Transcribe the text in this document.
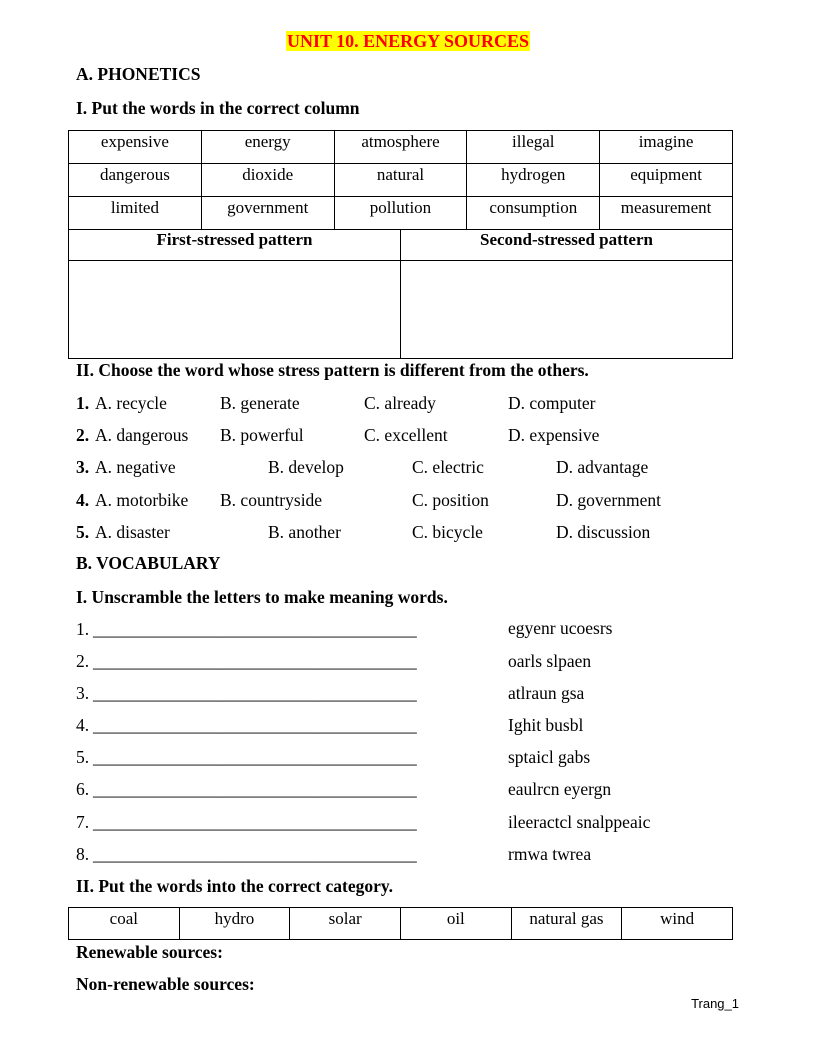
UNIT 10. ENERGY SOURCES
A. PHONETICS
I. Put the words in the correct column
expensive	energy	atmosphere	illegal	imagine
dangerous	dioxide	natural	hydrogen	equipment
limited	government	pollution	consumption	measurement
First-stressed pattern	Second-stressed pattern

II. Choose the word whose stress pattern is different from the others.
1. A. recycle	B. generate	C. already	D. computer
2. A. dangerous B. powerful	C. excellent	D. expensive
3. A. negative	B. develop	C. electric	D. advantage
4. A. motorbike B. countryside	C. position	D. government
5. A. disaster	B. another	C. bicycle	D. discussion
B. VOCABULARY
I. Unscramble the letters to make meaning words.
1. _____________________________________	egyenr ucoesrs
2. _____________________________________	oarls slpaen
3. _____________________________________	atlraun gsa
4. _____________________________________	Ighit busbl
5. _____________________________________	sptaicl gabs
6. _____________________________________	eaulrcn eyergn
7. _____________________________________	ileeractcl snalppeaic
8. _____________________________________	rmwa twrea
II. Put the words into the correct category.
coal	hydro	solar	oil	natural gas	wind
Renewable sources:
Non-renewable sources:
Trang_1
